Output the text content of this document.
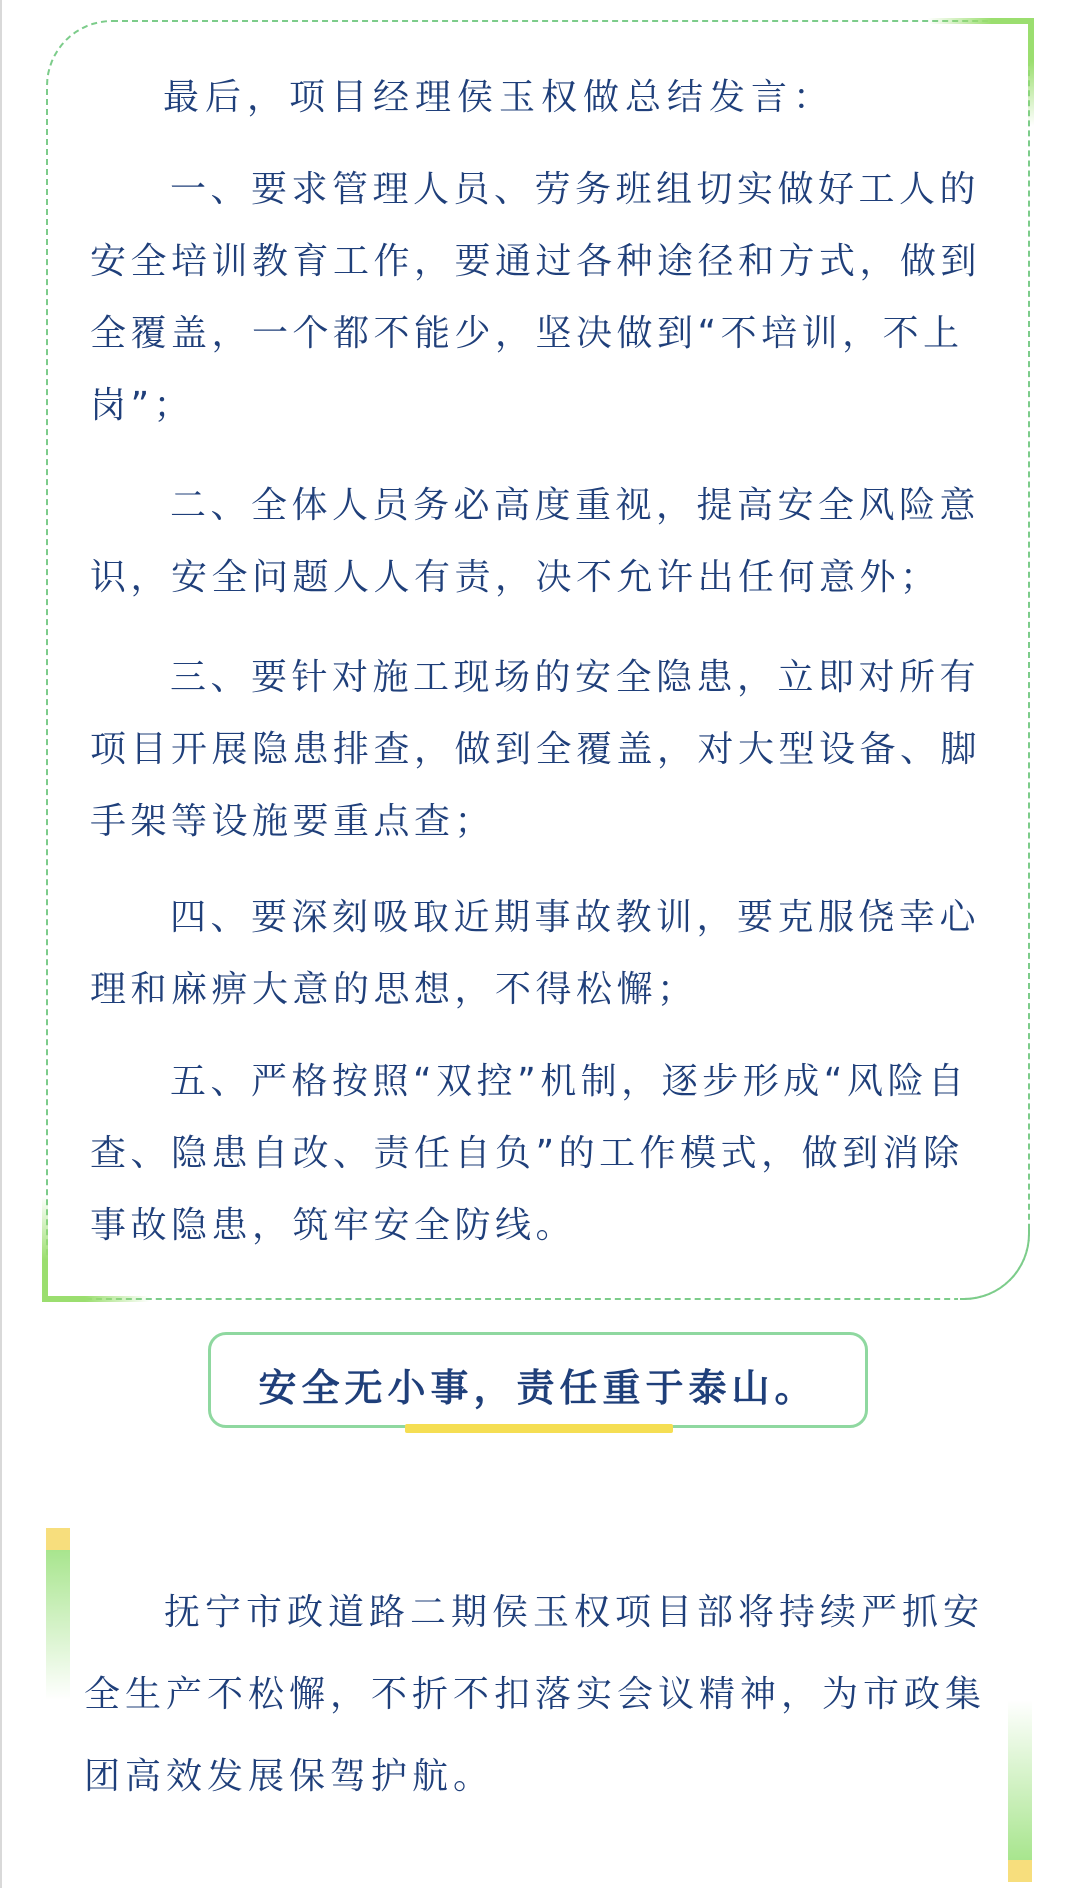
最后，项目经理侯玉权做总结发言：

一、要求管理人员、劳务班组切实做好工人的安全培训教育工作，要通过各种途径和方式，做到全覆盖，一个都不能少，坚决做到“不培训，不上岗”；

二、全体人员务必高度重视，提高安全风险意识，安全问题人人有责，决不允许出任何意外；

三、要针对施工现场的安全隐患，立即对所有项目开展隐患排查，做到全覆盖，对大型设备、脚手架等设施要重点查；

四、要深刻吸取近期事故教训，要克服侥幸心理和麻痹大意的思想，不得松懈；

五、严格按照“双控”机制，逐步形成“风险自查、隐患自改、责任自负”的工作模式，做到消除事故隐患，筑牢安全防线。

安全无小事，责任重于泰山。

抚宁市政道路二期侯玉权项目部将持续严抓安全生产不松懈，不折不扣落实会议精神，为市政集团高效发展保驾护航。
